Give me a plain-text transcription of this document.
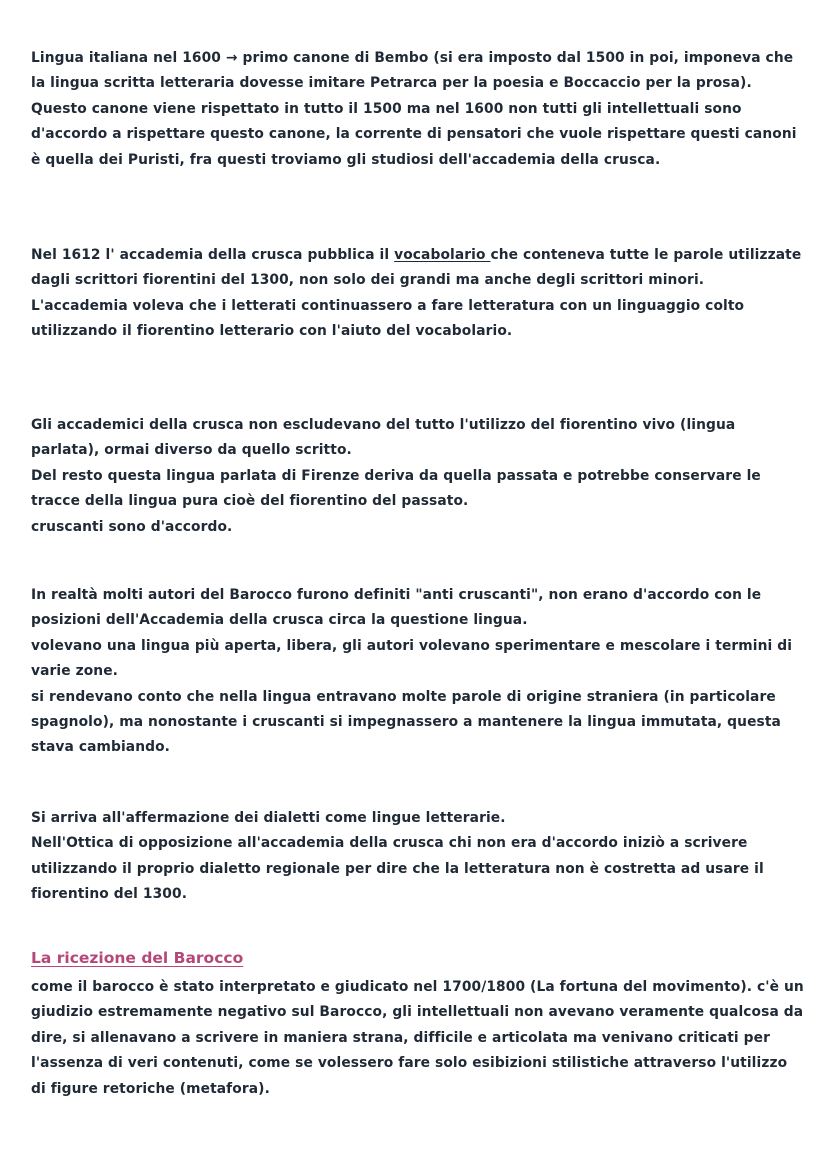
Lingua italiana nel 1600 → primo canone di Bembo (si era imposto dal 1500 in poi, imponeva che la lingua scritta letteraria dovesse imitare Petrarca per la poesia e Boccaccio per la prosa).

Questo canone viene rispettato in tutto il 1500 ma nel 1600 non tutti gli intellettuali sono d'accordo a rispettare questo canone, la corrente di pensatori che vuole rispettare questi canoni è quella dei Puristi, fra questi troviamo gli studiosi dell'accademia della crusca.

Nel 1612 l' accademia della crusca pubblica il vocabolario che conteneva tutte le parole utilizzate dagli scrittori fiorentini del 1300, non solo dei grandi ma anche degli scrittori minori.

L'accademia voleva che i letterati continuassero a fare letteratura con un linguaggio colto utilizzando il fiorentino letterario con l'aiuto del vocabolario.

Gli accademici della crusca non escludevano del tutto l'utilizzo del fiorentino vivo (lingua parlata), ormai diverso da quello scritto.

Del resto questa lingua parlata di Firenze deriva da quella passata e potrebbe conservare le tracce della lingua pura cioè del fiorentino del passato.

cruscanti sono d'accordo.

In realtà molti autori del Barocco furono definiti "anti cruscanti", non erano d'accordo con le posizioni dell'Accademia della crusca circa la questione lingua.

volevano una lingua più aperta, libera, gli autori volevano sperimentare e mescolare i termini di varie zone.

si rendevano conto che nella lingua entravano molte parole di origine straniera (in particolare spagnolo), ma nonostante i cruscanti si impegnassero a mantenere la lingua immutata, questa stava cambiando.

Si arriva all'affermazione dei dialetti come lingue letterarie.

Nell'Ottica di opposizione all'accademia della crusca chi non era d'accordo iniziò a scrivere utilizzando il proprio dialetto regionale per dire che la letteratura non è costretta ad usare il fiorentino del 1300.

La ricezione del Barocco

come il barocco è stato interpretato e giudicato nel 1700/1800 (La fortuna del movimento). c'è un giudizio estremamente negativo sul Barocco, gli intellettuali non avevano veramente qualcosa da dire, si allenavano a scrivere in maniera strana, difficile e articolata ma venivano criticati per l'assenza di veri contenuti, come se volessero fare solo esibizioni stilistiche attraverso l'utilizzo di figure retoriche (metafora).
